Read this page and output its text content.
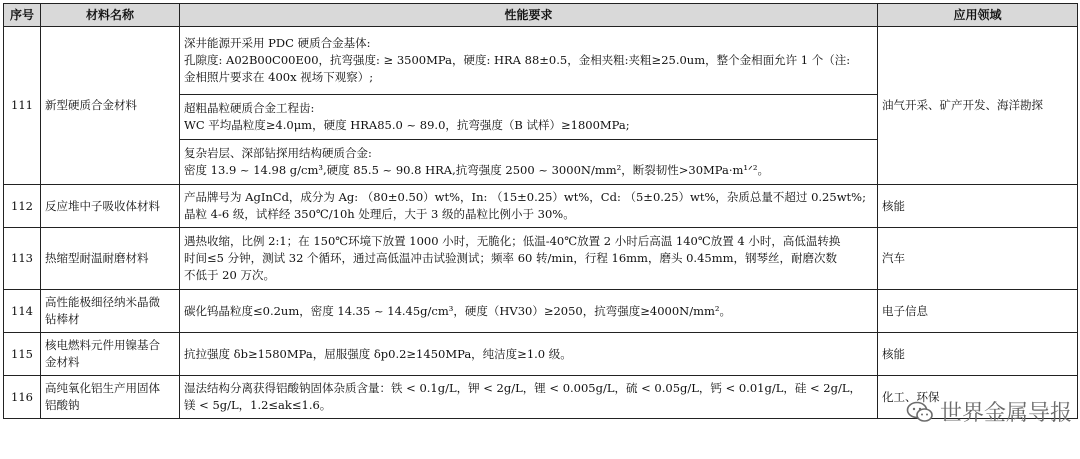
序号	材料名称	性能要求	应用领域
111	新型硬质合金材料	深井能源开采用 PDC 硬质合金基体:
孔隙度: A02B00C00E00，抗弯强度: ≥ 3500MPa，硬度: HRA 88±0.5，金相夹粗:夹粗≥25.0um，整个金相面允许 1 个（注:
金相照片要求在 400x 视场下观察）;	油气开采、矿产开发、海洋勘探

		超粗晶粒硬质合金工程齿:
WC 平均晶粒度≥4.0μm，硬度 HRA85.0 ~ 89.0，抗弯强度（B 试样）≥1800MPa;	

		复杂岩层、深部钻探用结构硬质合金:
密度 13.9 ~ 14.98 g/cm³,硬度 85.5 ~ 90.8 HRA,抗弯强度 2500 ~ 3000N/mm²，断裂韧性>30MPa·m¹ᐟ²。	

112	反应堆中子吸收体材料	产品牌号为 AgInCd，成分为 Ag: （80±0.50）wt%，In: （15±0.25）wt%，Cd: （5±0.25）wt%，杂质总量不超过 0.25wt%;
晶粒 4-6 级，试样经 350℃/10h 处理后，大于 3 级的晶粒比例小于 30%。	核能
113	热缩型耐温耐磨材料	遇热收缩，比例 2:1；在 150℃环境下放置 1000 小时，无脆化；低温-40℃放置 2 小时后高温 140℃放置 4 小时，高低温转换
时间≤5 分钟，测试 32 个循环，通过高低温冲击试验测试；频率 60 转/min，行程 16mm，磨头 0.45mm，钢琴丝，耐磨次数
不低于 20 万次。	汽车
114	高性能极细径纳米晶微
钻棒材	碳化钨晶粒度≤0.2um，密度 14.35 ~ 14.45g/cm³，硬度（HV30）≥2050，抗弯强度≥4000N/mm²。	电子信息
115	核电燃料元件用镍基合
金材料	抗拉强度 δb≥1580MPa，屈服强度 δp0.2≥1450MPa，纯洁度≥1.0 级。	核能
116	高纯氧化铝生产用固体
铝酸钠	湿法结构分离获得铝酸钠固体杂质含量：铁 < 0.1g/L，钾 < 2g/L，锂 < 0.005g/L，硫 < 0.05g/L，钙 < 0.01g/L，硅 < 2g/L，
镁 < 5g/L，1.2≤ak≤1.6。	化工、环保
世界金属导报
